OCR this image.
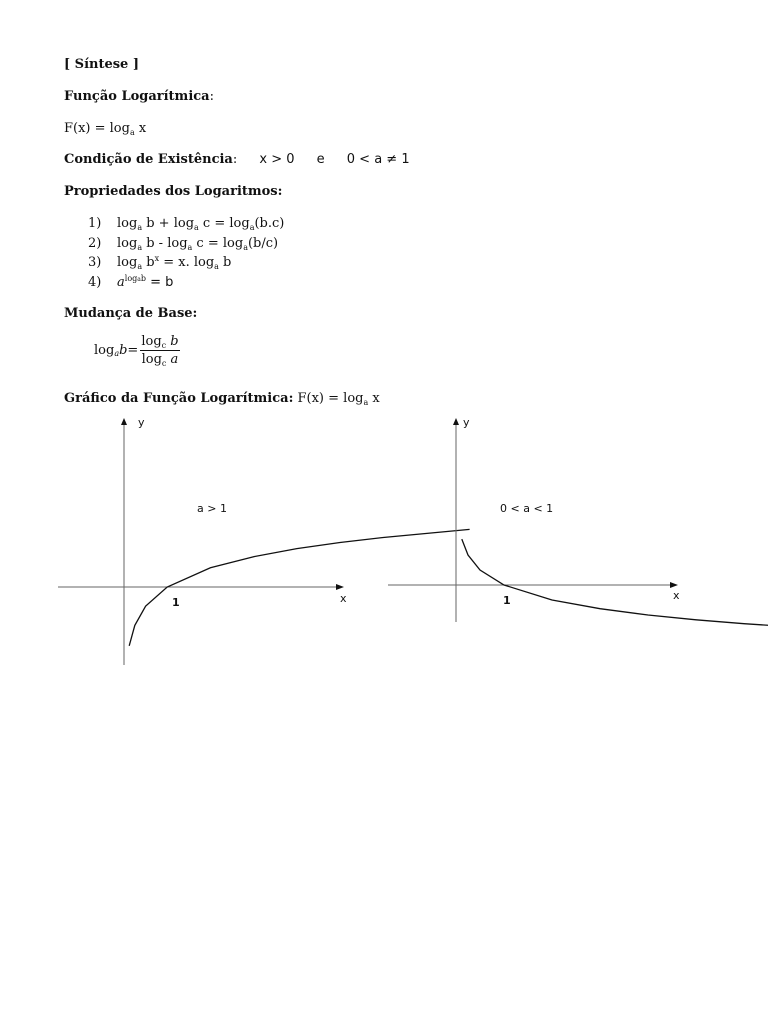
[ Síntese ]
Função Logarítmica:
$F(x) = \log_a x$
Condição de Existência: x > 0 e 0 < a ≠ 1
Propriedades dos Logaritmos:
1) $\log_a b + \log_a c = \log_a(b.c)$
2) $\log_a b - \log_a c = \log_a(b/c)$
3) $\log_a b^x = x$. $\log_a b$
4) $a^{logab} = b$
Mudança de Base:
log a $b = \frac{\log_c b}{\log_c a}$
Gráfico da Função Logarítmica: $F(x) = \log_a x$
x
y
a > 1
1
x
y
0 < a < 1
1
